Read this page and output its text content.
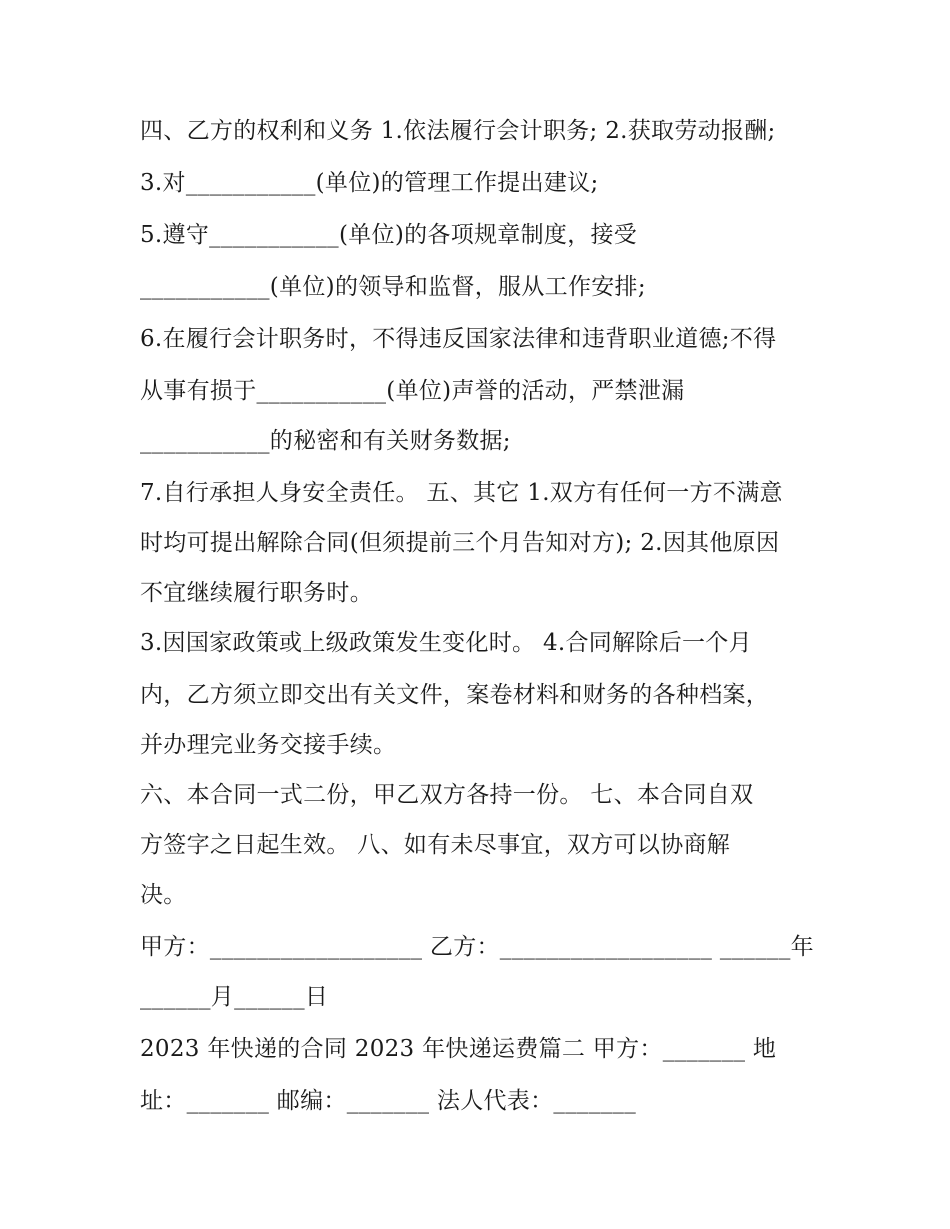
四、乙方的权利和义务 1.依法履行会计职务; 2.获取劳动报酬;
3.对___________(单位)的管理工作提出建议;
5.遵守___________(单位)的各项规章制度，接受
___________(单位)的领导和监督，服从工作安排;
6.在履行会计职务时，不得违反国家法律和违背职业道德;不得
从事有损于___________(单位)声誉的活动，严禁泄漏
___________的秘密和有关财务数据;
7.自行承担人身安全责任。 五、其它 1.双方有任何一方不满意
时均可提出解除合同(但须提前三个月告知对方); 2.因其他原因
不宜继续履行职务时。
3.因国家政策或上级政策发生变化时。 4.合同解除后一个月
内，乙方须立即交出有关文件，案卷材料和财务的各种档案，
并办理完业务交接手续。
六、本合同一式二份，甲乙双方各持一份。 七、本合同自双
方签字之日起生效。 八、如有未尽事宜，双方可以协商解
决。
甲方：__________________ 乙方：__________________ ______年
______月______日
2023 年快递的合同 2023 年快递运费篇二 甲方：_______ 地
址：_______ 邮编：_______ 法人代表：_______
